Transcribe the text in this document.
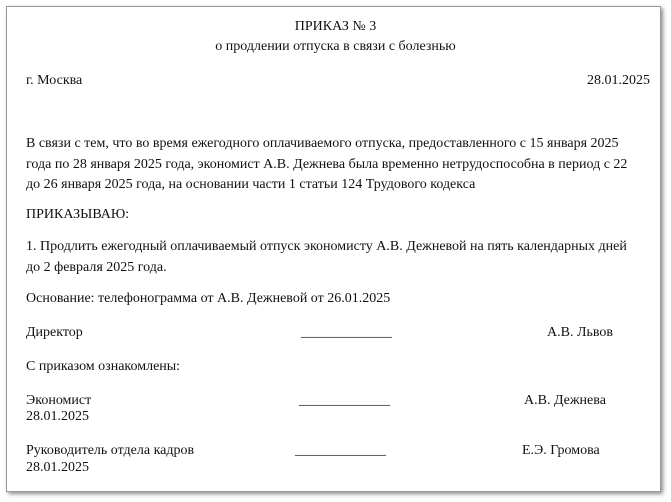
ПРИКАЗ № 3
о продлении отпуска в связи с болезнью
г. Москва	28.01.2025
В связи с тем, что во время ежегодного оплачиваемого отпуска, предоставленного с 15 января 2025 года по 28 января 2025 года, экономист А.В. Дежнева была временно нетрудоспособна в период с 22 до 26 января 2025 года, на основании части 1 статьи 124 Трудового кодекса
ПРИКАЗЫВАЮ:
1. Продлить ежегодный оплачиваемый отпуск экономисту А.В. Дежневой на пять календарных дней до 2 февраля 2025 года.
Основание: телефонограмма от А.В. Дежневой от 26.01.2025
Директор	_____________	А.В. Львов
С приказом ознакомлены:
Экономист	_____________	А.В. Дежнева
28.01.2025
Руководитель отдела кадров	_____________	Е.Э. Громова
28.01.2025
